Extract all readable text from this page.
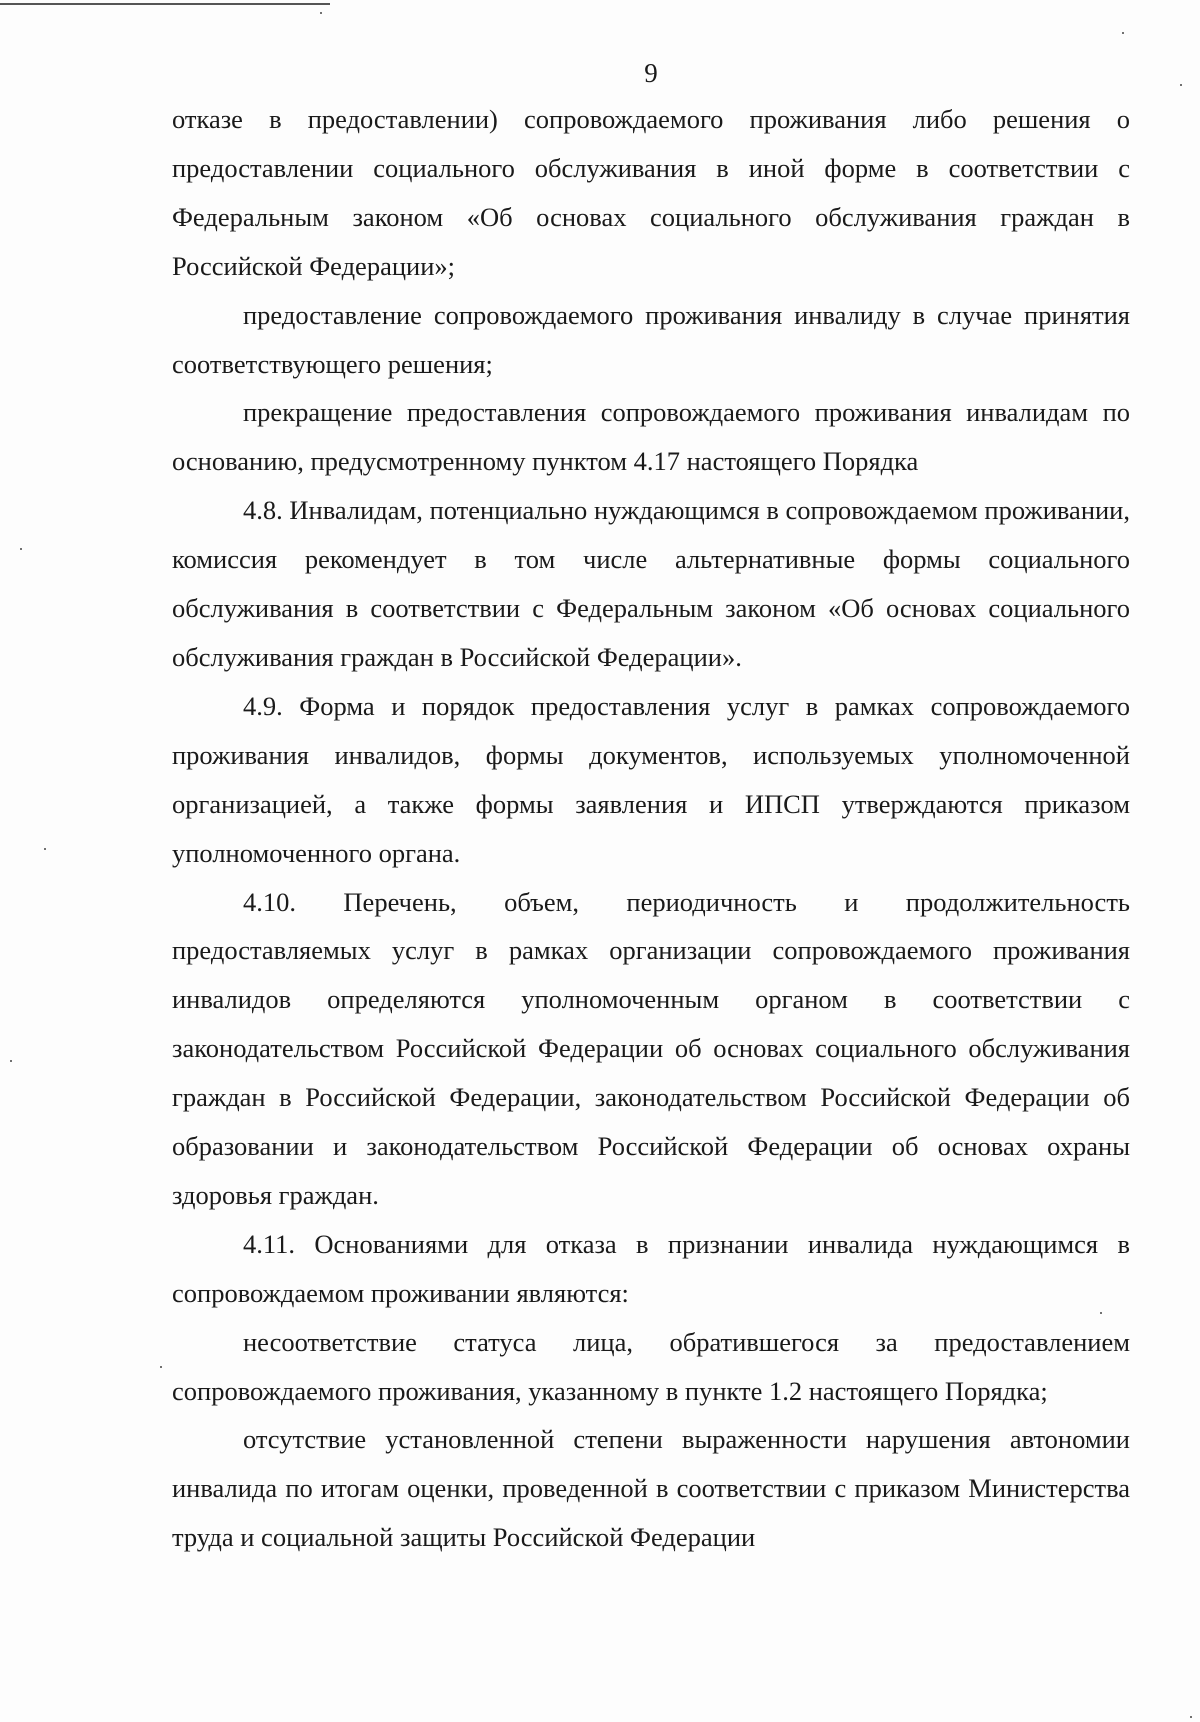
9

отказе в предоставлении) сопровождаемого проживания либо решения о предоставлении социального обслуживания в иной форме в соответствии с Федеральным законом «Об основах социального обслуживания граждан в Российской Федерации»;

предоставление сопровождаемого проживания инвалиду в случае принятия соответствующего решения;

прекращение предоставления сопровождаемого проживания инвалидам по основанию, предусмотренному пунктом 4.17 настоящего Порядка

4.8. Инвалидам, потенциально нуждающимся в сопровождаемом проживании, комиссия рекомендует в том числе альтернативные формы социального обслуживания в соответствии с Федеральным законом «Об основах социального обслуживания граждан в Российской Федерации».

4.9. Форма и порядок предоставления услуг в рамках сопровождаемого проживания инвалидов, формы документов, используемых уполномоченной организацией, а также формы заявления и ИПСП утверждаются приказом уполномоченного органа.

4.10. Перечень, объем, периодичность и продолжительность предоставляемых услуг в рамках организации сопровождаемого проживания инвалидов определяются уполномоченным органом в соответствии с законодательством Российской Федерации об основах социального обслуживания граждан в Российской Федерации, законодательством Российской Федерации об образовании и законодательством Российской Федерации об основах охраны здоровья граждан.

4.11. Основаниями для отказа в признании инвалида нуждающимся в сопровождаемом проживании являются:

несоответствие статуса лица, обратившегося за предоставлением сопровождаемого проживания, указанному в пункте 1.2 настоящего Порядка;

отсутствие установленной степени выраженности нарушения автономии инвалида по итогам оценки, проведенной в соответствии с приказом Министерства труда и социальной защиты Российской Федерации
